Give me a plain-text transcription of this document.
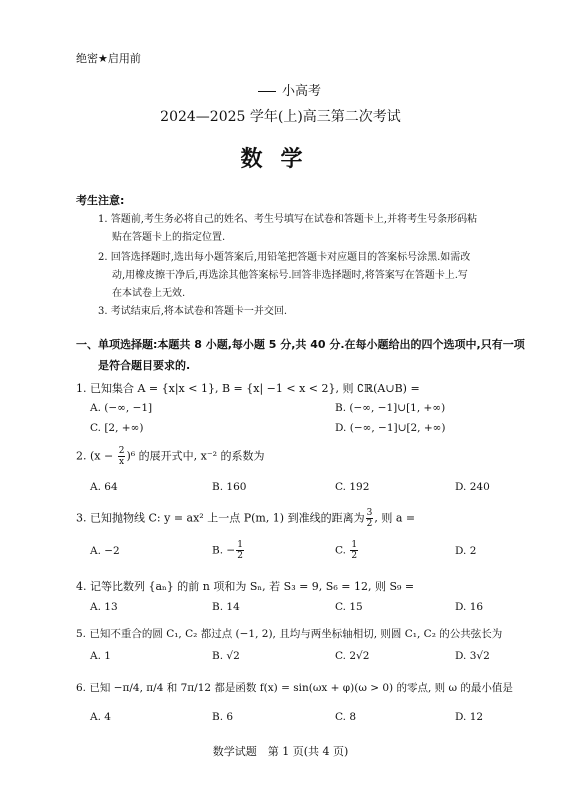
绝密★启用前
小高考
2024—2025 学年(上)高三第二次考试
数学
考生注意:
1. 答题前,考生务必将自己的姓名、考生号填写在试卷和答题卡上,并将考生号条形码粘
贴在答题卡上的指定位置.
2. 回答选择题时,选出每小题答案后,用铅笔把答题卡对应题目的答案标号涂黑.如需改
动,用橡皮擦干净后,再选涂其他答案标号.回答非选择题时,将答案写在答题卡上.写
在本试卷上无效.
3. 考试结束后,将本试卷和答题卡一并交回.
一、单项选择题:本题共 8 小题,每小题 5 分,共 40 分.在每小题给出的四个选项中,只有一项
是符合题目要求的.
1. 已知集合 A = {x|x < 1}, B = {x| −1 < x < 2}, 则 ∁ℝ(A∪B) =
A. (−∞, −1]	B. (−∞, −1]∪[1, +∞)
C. [2, +∞)	D. (−∞, −1]∪[2, +∞)
2. $(x - \frac{2}{x} )^6$ 的展开式中, x⁻² 的系数为
A. 64	B. 160	C. 192	D. 240
3. 已知抛物线 C: y = ax² 上一点 P(m, 1) 到准线的距离为 $\frac{3}{2}$ , 则 a =
A. −2	B. − $\frac{1}{2}$	C. $\frac{1}{2}$	D. 2
4. 记等比数列 {aₙ} 的前 n 项和为 Sₙ, 若 S₃ = 9, S₆ = 12, 则 S₉ =
A. 13	B. 14	C. 15	D. 16
5. 已知不重合的圆 C₁, C₂ 都过点 (−1, 2), 且均与两坐标轴相切, 则圆 C₁, C₂ 的公共弦长为
A. 1	B. √2	C. 2√2	D. 3√2
6. 已知 −π/4, π/4 和 7π/12 都是函数 f(x) = sin(ωx + φ)(ω > 0) 的零点, 则 ω 的最小值是
A. 4	B. 6	C. 8	D. 12
数学试题　第 1 页(共 4 页)
